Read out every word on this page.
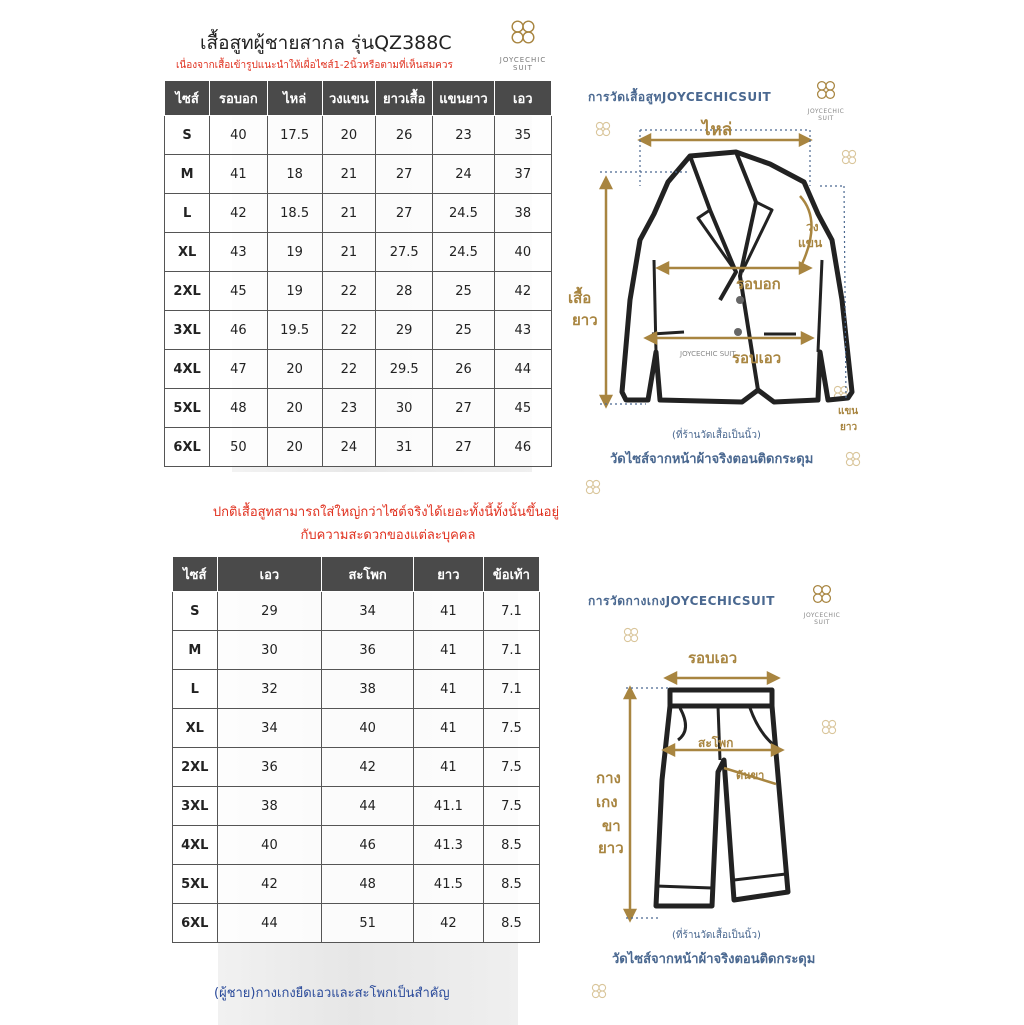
เสื้อสูทผู้ชายสากล รุ่นQZ388C
เนื่องจากเสื้อเข้ารูปแนะนำให้เผื่อไซส์1-2นิ้วหรือตามที่เห็นสมควร	JOYCECHIC SUIT
ไซส์	รอบอก	ไหล่	วงแขน	ยาวเสื้อ	แขนยาว	เอว
S	40	17.5	20	26	23	35
M	41	18	21	27	24	37
L	42	18.5	21	27	24.5	38
XL	43	19	21	27.5	24.5	40
2XL	45	19	22	28	25	42
3XL	46	19.5	22	29	25	43
4XL	47	20	22	29.5	26	44
5XL	48	20	23	30	27	45
6XL	50	20	24	31	27	46
ปกติเสื้อสูทสามารถใส่ใหญ่กว่าไซต์จริงได้เยอะทั้งนี้ทั้งนั้นขึ้นอยู่
กับความสะดวกของแต่ละบุคคล
ไซส์	เอว	สะโพก	ยาว	ข้อเท้า
S	29	34	41	7.1
M	30	36	41	7.1
L	32	38	41	7.1
XL	34	40	41	7.5
2XL	36	42	41	7.5
3XL	38	44	41.1	7.5
4XL	40	46	41.3	8.5
5XL	42	48	41.5	8.5
6XL	44	51	42	8.5
(ผู้ชาย)กางเกงยืดเอวและสะโพกเป็นสำคัญ
การวัดเสื้อสูทJOYCECHICSUIT
JOYCECHIC SUIT
ไหล่
วง
แขน
รอบอก
เสื้อ
ยาว
รอบเอว
JOYCECHIC SUIT
แขน
ยาว
(ที่ร้านวัดเสื้อเป็นนิ้ว)
วัดไซส์จากหน้าผ้าจริงตอนติดกระดุม
การวัดกางเกงJOYCECHICSUIT
JOYCECHIC SUIT
รอบเอว
สะโพก
ต้นขา
กาง
เกง
ขา
ยาว
(ที่ร้านวัดเสื้อเป็นนิ้ว)
วัดไซส์จากหน้าผ้าจริงตอนติดกระดุม
